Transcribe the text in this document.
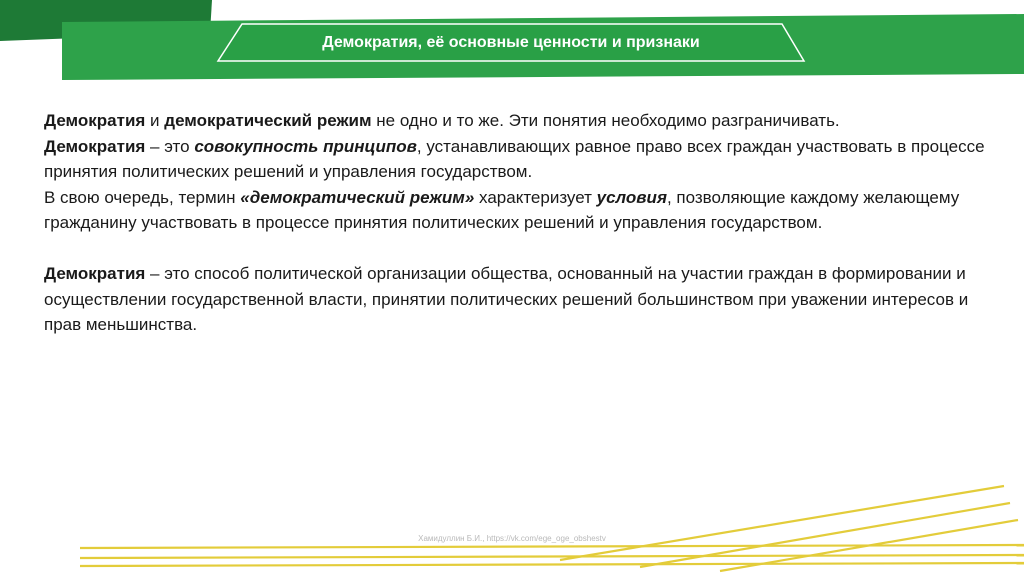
Демократия, её основные ценности и признаки

Демократия и демократический режим не одно и то же. Эти понятия необходимо разграничивать.

Демократия – это совокупность принципов, устанавливающих равное право всех граждан участвовать в процессе принятия политических решений и управления государством.

В свою очередь, термин «демократический режим» характеризует условия, позволяющие каждому желающему гражданину участвовать в процессе принятия политических решений и управления государством.

Демократия – это способ политической организации общества, основанный на участии граждан в формировании и осуществлении государственной власти, принятии политических решений большинством при уважении интересов и прав меньшинства.

Хамидуллин Б.И., https://vk.com/ege_oge_obshestv
